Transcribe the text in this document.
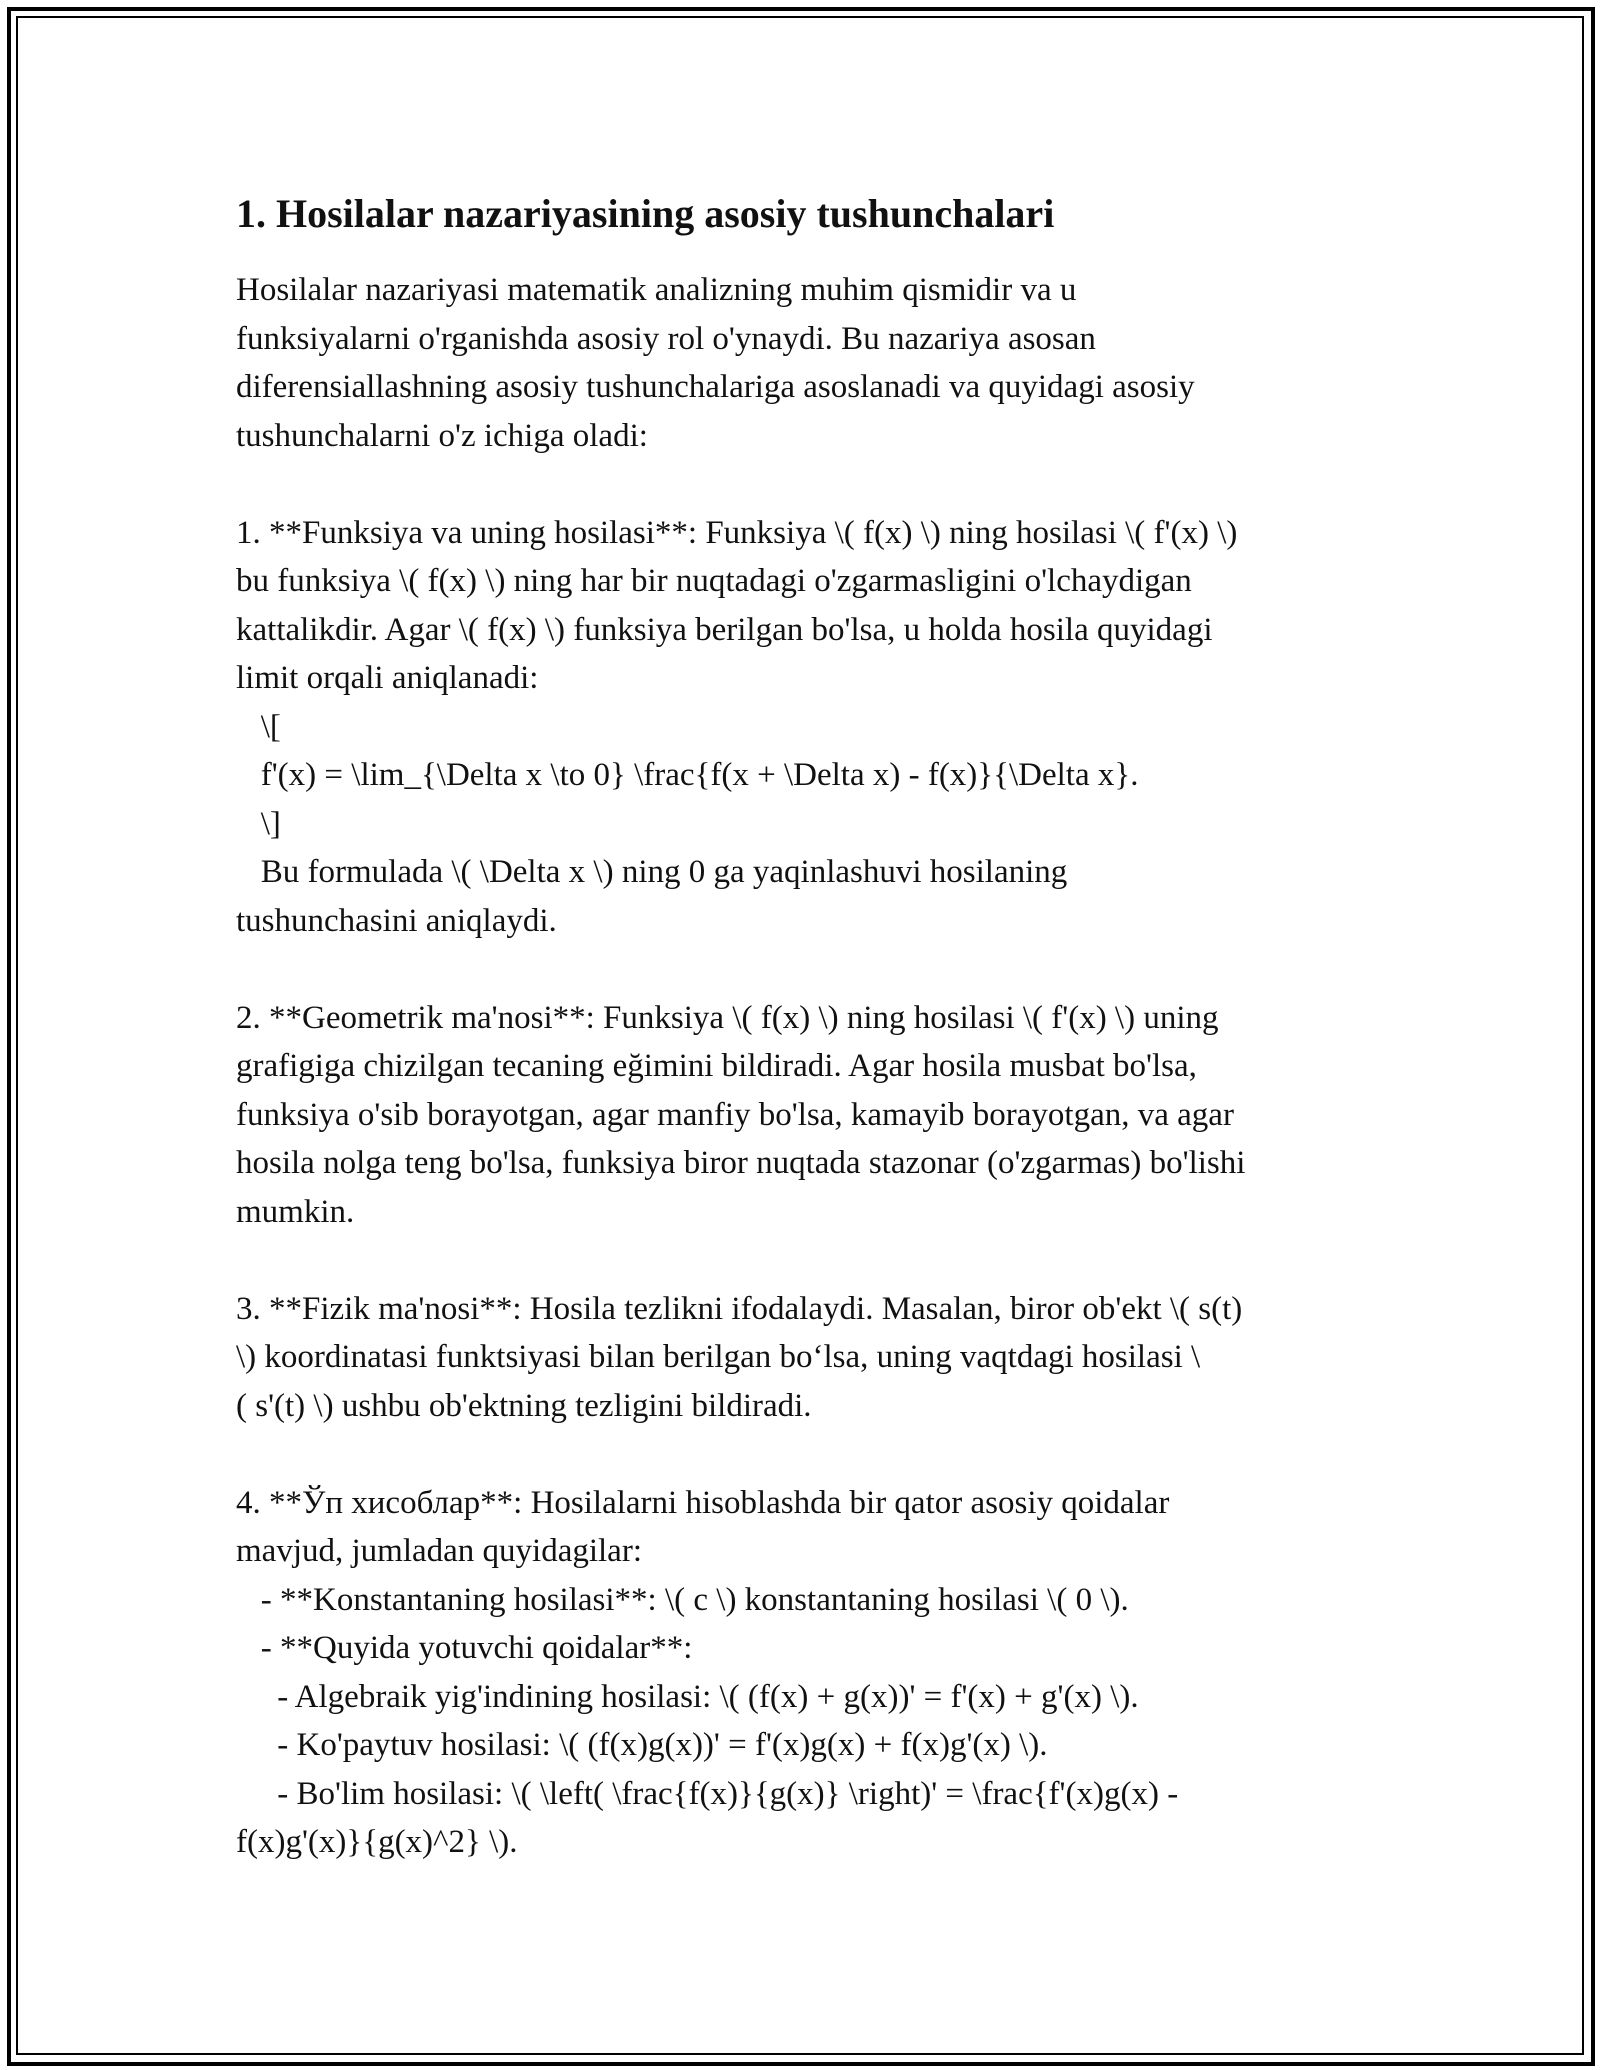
1. Hosilalar nazariyasining asosiy tushunchalari

Hosilalar nazariyasi matematik analizning muhim qismidir va u
funksiyalarni o'rganishda asosiy rol o'ynaydi. Bu nazariya asosan
diferensiallashning asosiy tushunchalariga asoslanadi va quyidagi asosiy
tushunchalarni o'z ichiga oladi:

1. **Funksiya va uning hosilasi**: Funksiya \( f(x) \) ning hosilasi \( f'(x) \)
bu funksiya \( f(x) \) ning har bir nuqtadagi o'zgarmasligini o'lchaydigan
kattalikdir. Agar \( f(x) \) funksiya berilgan bo'lsa, u holda hosila quyidagi
limit orqali aniqlanadi:
\[
f'(x) = \lim_{\Delta x \to 0} \frac{f(x + \Delta x) - f(x)}{\Delta x}.
\]
Bu formulada \( \Delta x \) ning 0 ga yaqinlashuvi hosilaning
tushunchasini aniqlaydi.

2. **Geometrik ma'nosi**: Funksiya \( f(x) \) ning hosilasi \( f'(x) \) uning
grafigiga chizilgan tecaning eğimini bildiradi. Agar hosila musbat bo'lsa,
funksiya o'sib borayotgan, agar manfiy bo'lsa, kamayib borayotgan, va agar
hosila nolga teng bo'lsa, funksiya biror nuqtada stazonar (o'zgarmas) bo'lishi
mumkin.

3. **Fizik ma'nosi**: Hosila tezlikni ifodalaydi. Masalan, biror ob'ekt \( s(t)
\) koordinatasi funktsiyasi bilan berilgan bo‘lsa, uning vaqtdagi hosilasi \
( s'(t) \) ushbu ob'ektning tezligini bildiradi.

4. **Ўп хисоблар**: Hosilalarni hisoblashda bir qator asosiy qoidalar
mavjud, jumladan quyidagilar:
- **Konstantaning hosilasi**: \( c \) konstantaning hosilasi \( 0 \).
- **Quyida yotuvchi qoidalar**:
- Algebraik yig'indining hosilasi: \( (f(x) + g(x))' = f'(x) + g'(x) \).
- Ko'paytuv hosilasi: \( (f(x)g(x))' = f'(x)g(x) + f(x)g'(x) \).
- Bo'lim hosilasi: \( \left( \frac{f(x)}{g(x)} \right)' = \frac{f'(x)g(x) -
f(x)g'(x)}{g(x)^2} \).
